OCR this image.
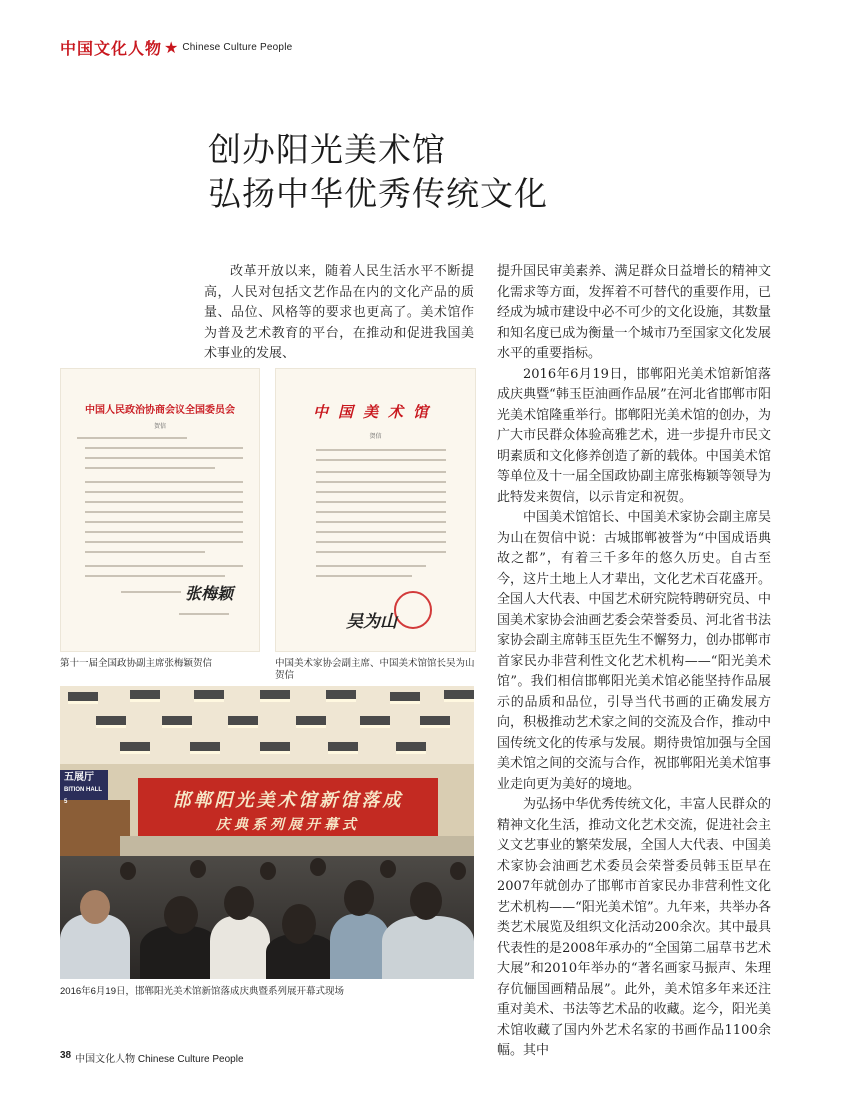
中国文化人物 ★ Chinese Culture People
创办阳光美术馆
弘扬中华优秀传统文化

改革开放以来，随着人民生活水平不断提高，人民对包括文艺作品在内的文化产品的质量、品位、风格等的要求也更高了。美术馆作为普及艺术教育的平台，在推动和促进我国美术事业的发展、

提升国民审美素养、满足群众日益增长的精神文化需求等方面，发挥着不可替代的重要作用，已经成为城市建设中必不可少的文化设施，其数量和知名度已成为衡量一个城市乃至国家文化发展水平的重要指标。

2016年6月19日，邯郸阳光美术馆新馆落成庆典暨“韩玉臣油画作品展”在河北省邯郸市阳光美术馆隆重举行。邯郸阳光美术馆的创办，为广大市民群众体验高雅艺术，进一步提升市民文明素质和文化修养创造了新的载体。中国美术馆等单位及十一届全国政协副主席张梅颖等领导为此特发来贺信，以示肯定和祝贺。

中国美术馆馆长、中国美术家协会副主席吴为山在贺信中说：古城邯郸被誉为“中国成语典故之都”，有着三千多年的悠久历史。自古至今，这片土地上人才辈出，文化艺术百花盛开。全国人大代表、中国艺术研究院特聘研究员、中国美术家协会油画艺委会荣誉委员、河北省书法家协会副主席韩玉臣先生不懈努力，创办邯郸市首家民办非营利性文化艺术机构——“阳光美术馆”。我们相信邯郸阳光美术馆必能坚持作品展示的品质和品位，引导当代书画的正确发展方向，积极推动艺术家之间的交流及合作，推动中国传统文化的传承与发展。期待贵馆加强与全国美术馆之间的交流与合作，祝邯郸阳光美术馆事业走向更为美好的境地。

为弘扬中华优秀传统文化，丰富人民群众的精神文化生活，推动文化艺术交流，促进社会主义文艺事业的繁荣发展，全国人大代表、中国美术家协会油画艺术委员会荣誉委员韩玉臣早在2007年就创办了邯郸市首家民办非营利性文化艺术机构——“阳光美术馆”。九年来，共举办各类艺术展览及组织文化活动200余次。其中最具代表性的是2008年承办的“全国第二届草书艺术大展”和2010年举办的“著名画家马振声、朱理存伉俪国画精品展”。此外，美术馆多年来还注重对美术、书法等艺术品的收藏。迄今，阳光美术馆收藏了国内外艺术名家的书画作品1100余幅。其中

中国人民政治协商会议全国委员会
贺信
张梅颖
中国美术馆
贺信
吴为山
第十一届全国政协副主席张梅颖贺信	中国美术家协会副主席、中国美术馆馆长吴为山贺信
五展厅
BITION HALL 5	邯郸阳光美术馆新馆落成
庆典系列展开幕式
2016年6月19日，邯郸阳光美术馆新馆落成庆典暨系列展开幕式现场
38 中国文化人物 Chinese Culture People
